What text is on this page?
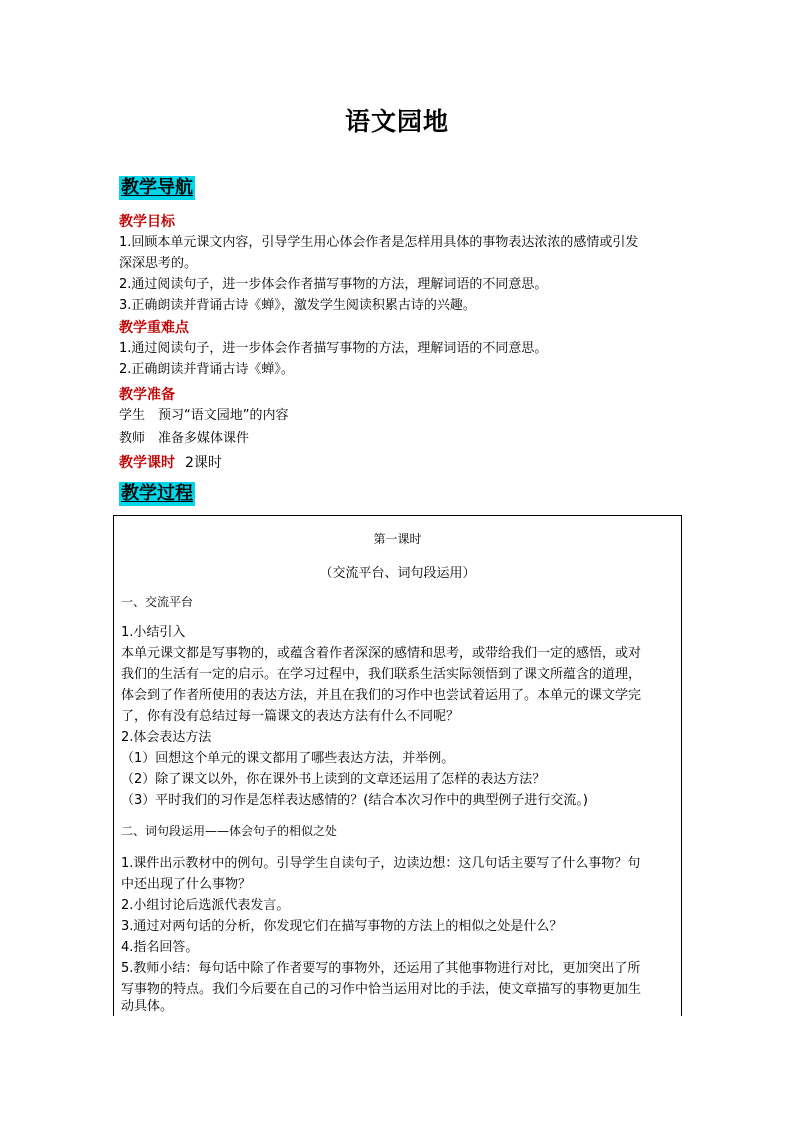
语文园地
教学导航
教学目标
1.回顾本单元课文内容，引导学生用心体会作者是怎样用具体的事物表达浓浓的感情或引发
深深思考的。
2.通过阅读句子，进一步体会作者描写事物的方法，理解词语的不同意思。
3.正确朗读并背诵古诗《蝉》，激发学生阅读积累古诗的兴趣。
教学重难点
1.通过阅读句子，进一步体会作者描写事物的方法，理解词语的不同意思。
2.正确朗读并背诵古诗《蝉》。
教学准备
学生　预习“语文园地”的内容
教师　准备多媒体课件
教学课时 2课时
教学过程
第一课时
（交流平台、词句段运用）
一、交流平台
1.小结引入
本单元课文都是写事物的，或蕴含着作者深深的感情和思考，或带给我们一定的感悟，或对
我们的生活有一定的启示。在学习过程中，我们联系生活实际领悟到了课文所蕴含的道理，
体会到了作者所使用的表达方法，并且在我们的习作中也尝试着运用了。本单元的课文学完
了，你有没有总结过每一篇课文的表达方法有什么不同呢？
2.体会表达方法
（1）回想这个单元的课文都用了哪些表达方法，并举例。
（2）除了课文以外，你在课外书上读到的文章还运用了怎样的表达方法？
（3）平时我们的习作是怎样表达感情的？(结合本次习作中的典型例子进行交流。)
二、词句段运用——体会句子的相似之处
1.课件出示教材中的例句。引导学生自读句子，边读边想：这几句话主要写了什么事物？句
中还出现了什么事物？
2.小组讨论后选派代表发言。
3.通过对两句话的分析，你发现它们在描写事物的方法上的相似之处是什么？
4.指名回答。
5.教师小结：每句话中除了作者要写的事物外，还运用了其他事物进行对比，更加突出了所
写事物的特点。我们今后要在自己的习作中恰当运用对比的手法，使文章描写的事物更加生
动具体。
